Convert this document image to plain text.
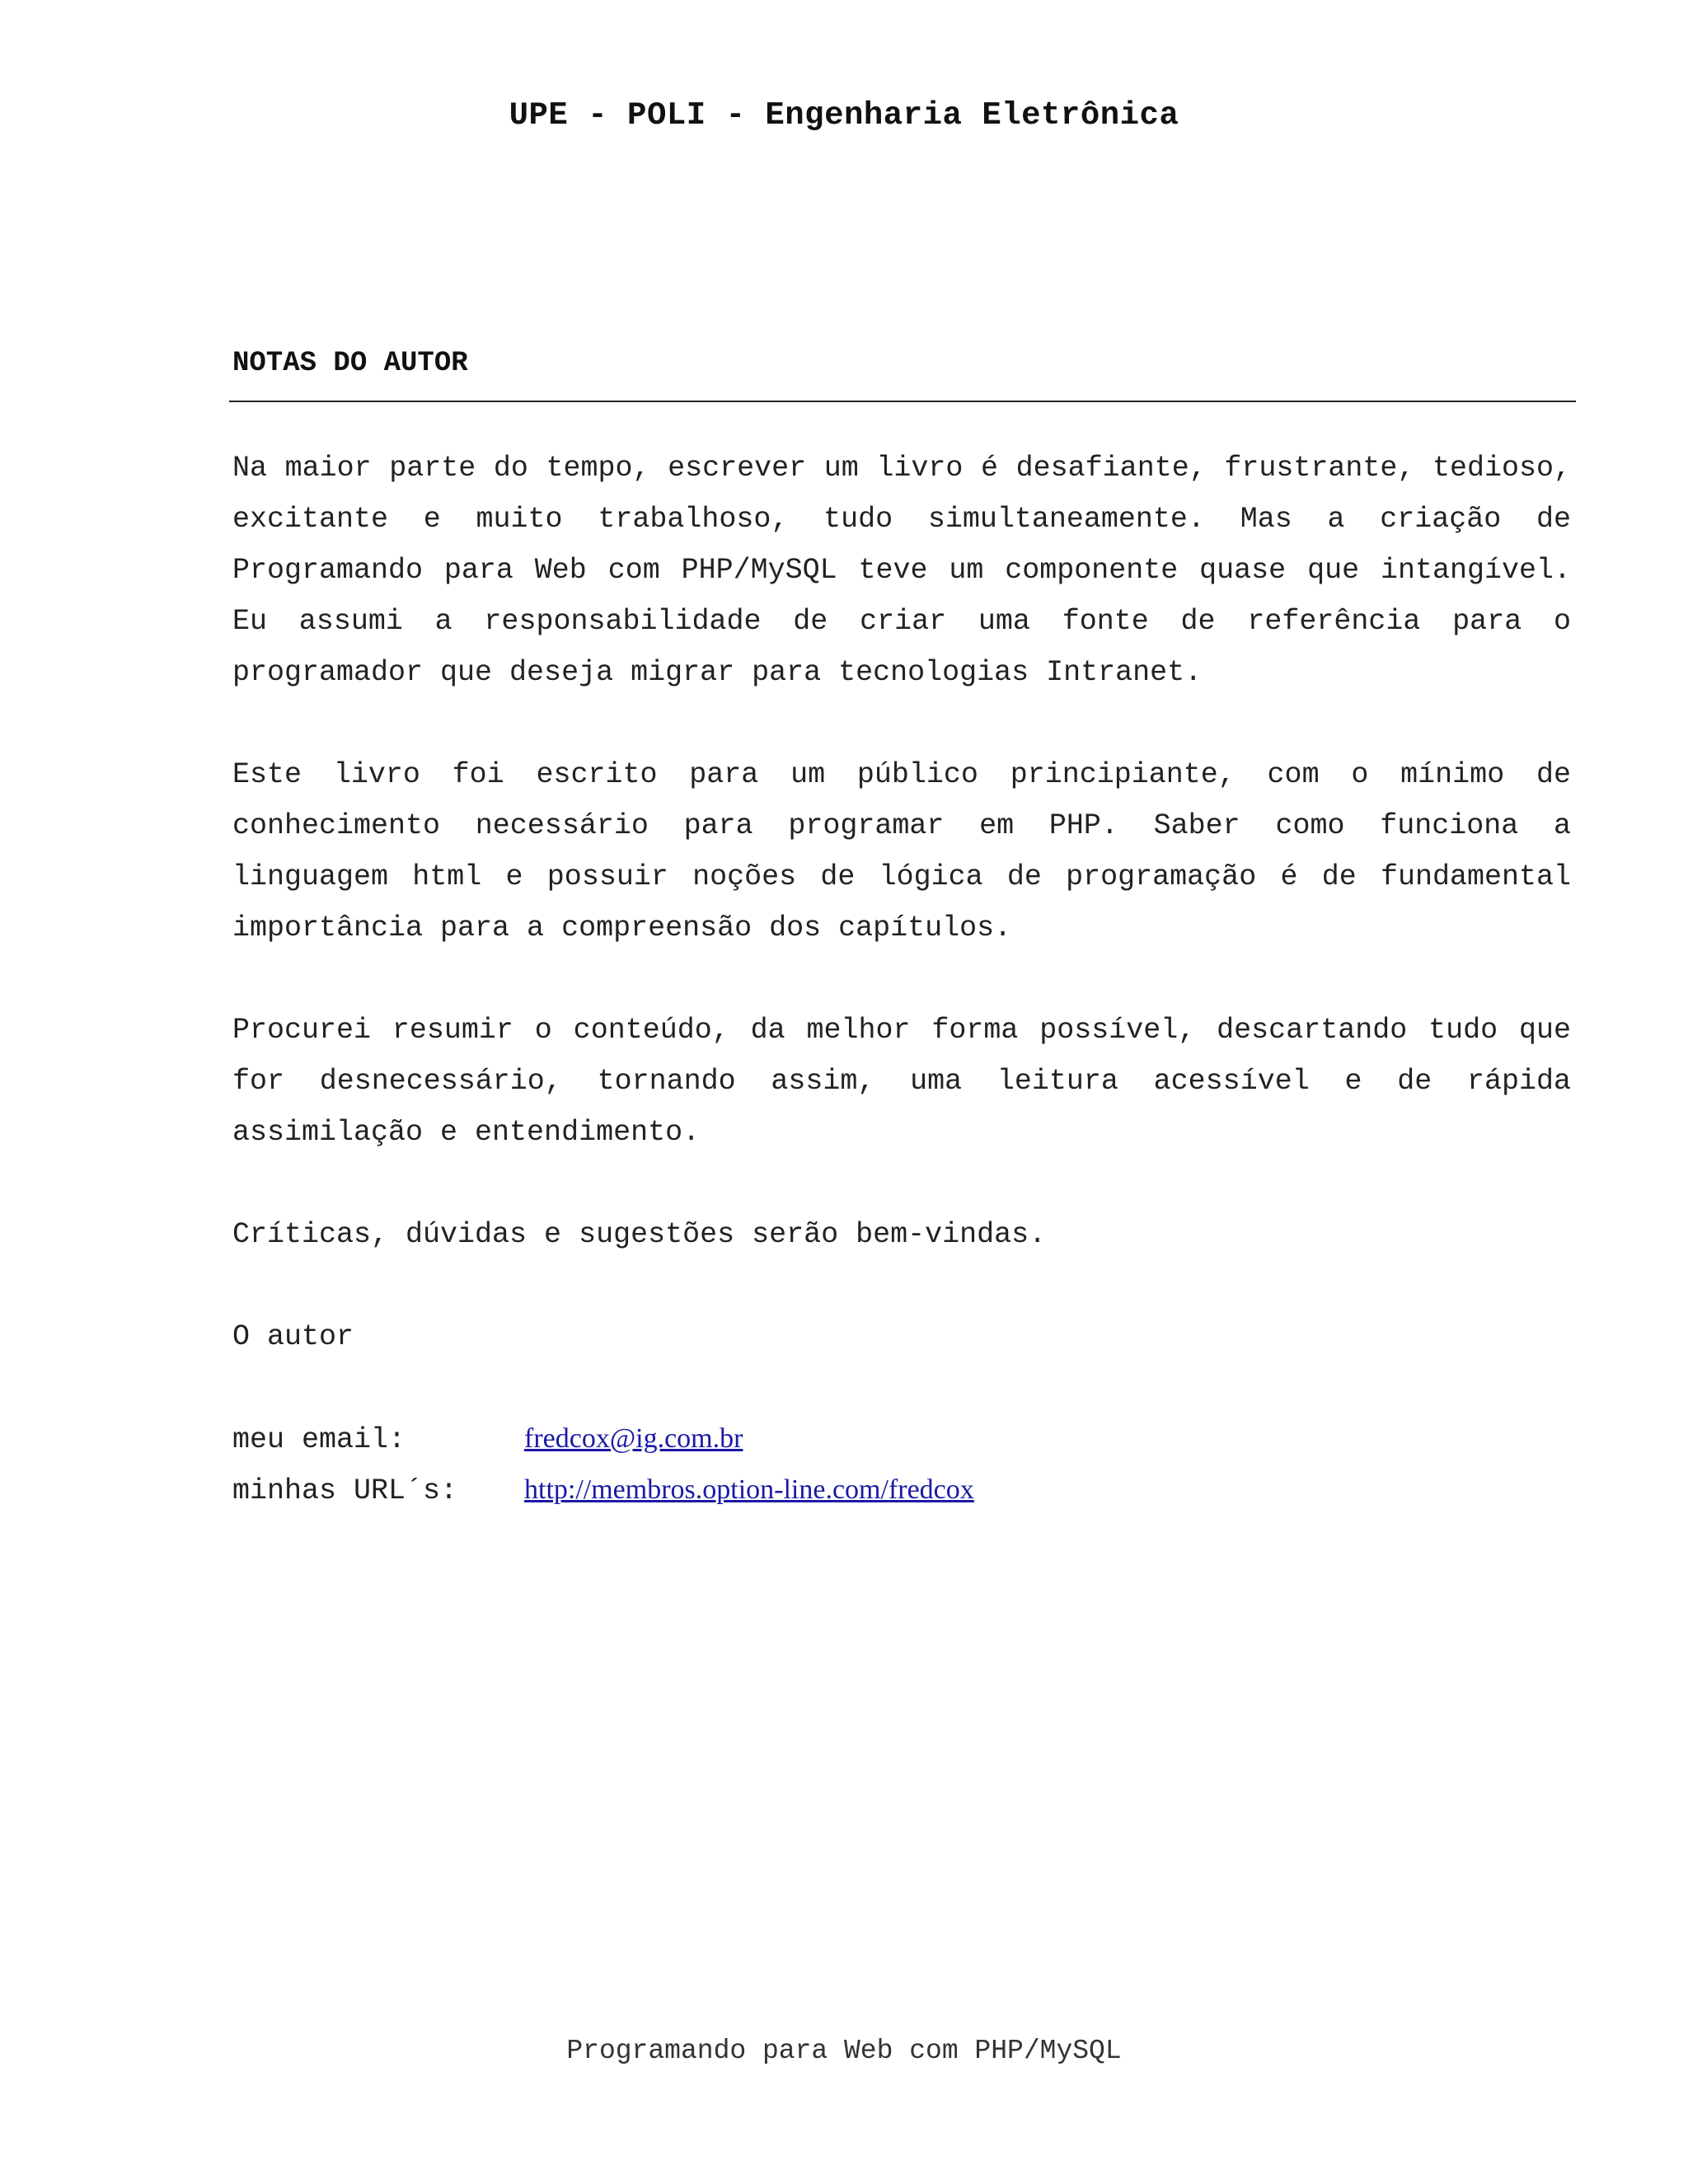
UPE - POLI - Engenharia Eletrônica
NOTAS DO AUTOR

Na maior parte do tempo, escrever um livro é desafiante, frustrante, tedioso, excitante e muito trabalhoso, tudo simultaneamente. Mas a criação de Programando para Web com PHP/MySQL teve um componente quase que intangível. Eu assumi a responsabilidade de criar uma fonte de referência para o programador que deseja migrar para tecnologias Intranet.

Este livro foi escrito para um público principiante, com o mínimo de conhecimento necessário para programar em PHP. Saber como funciona a linguagem html e possuir noções de lógica de programação é de fundamental importância para a compreensão dos capítulos.

Procurei resumir o conteúdo, da melhor forma possível, descartando tudo que for desnecessário, tornando assim, uma leitura acessível e de rápida assimilação e entendimento.

Críticas, dúvidas e sugestões serão bem-vindas.

O autor

meu email:	fredcox@ig.com.br
minhas URL´s:	http://membros.option-line.com/fredcox
Programando para Web com PHP/MySQL
